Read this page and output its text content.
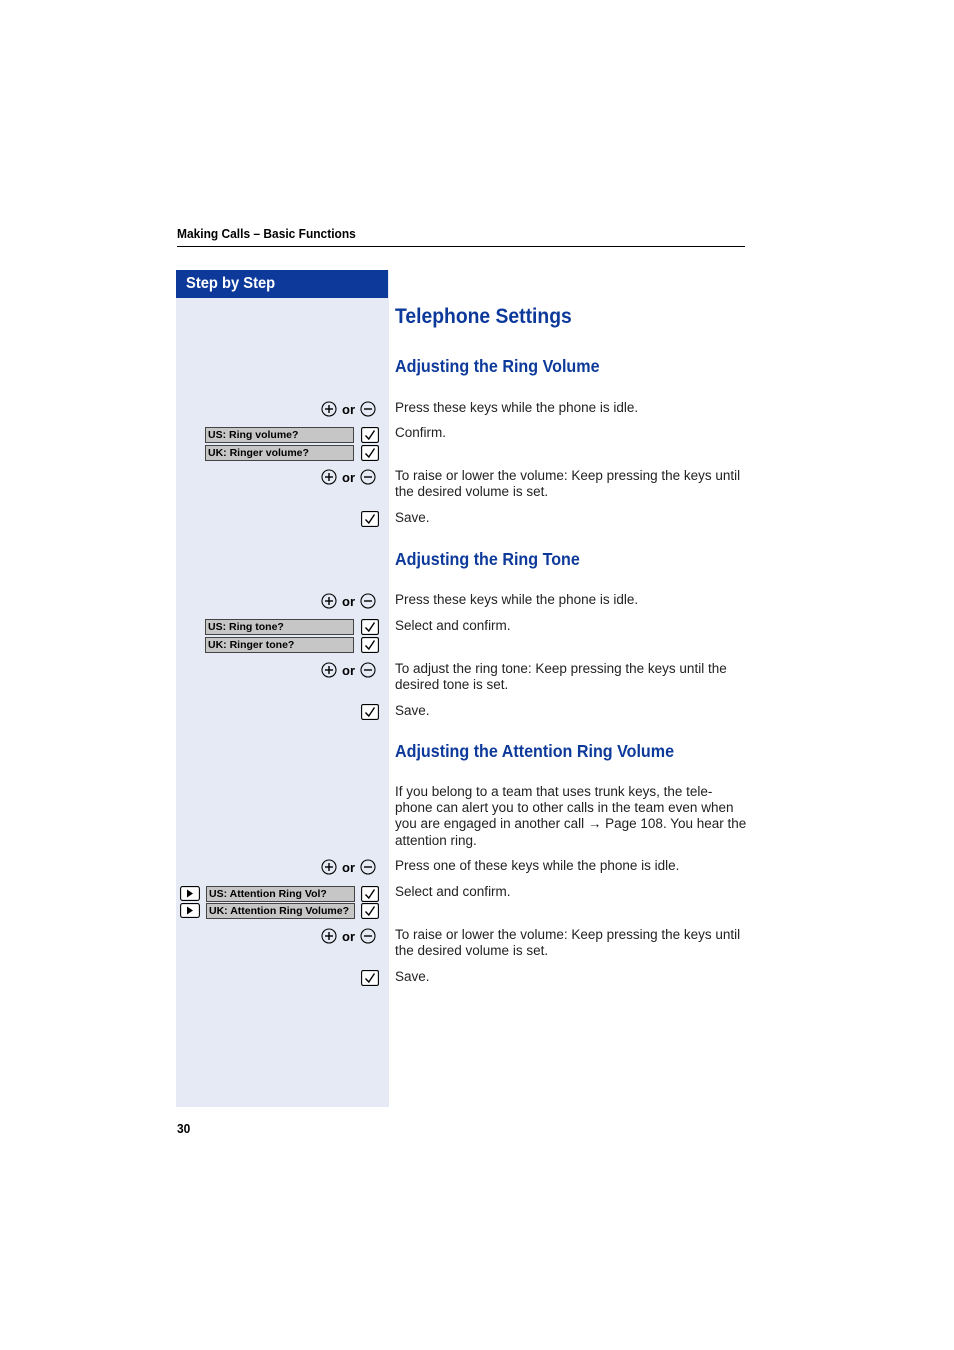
Making Calls – Basic Functions
Step by Step
Telephone Settings
Adjusting the Ring Volume
or	Press these keys while the phone is idle.
US: Ring volume?
UK: Ringer volume?
Confirm.
or	To raise or lower the volume: Keep pressing the keys until the desired volume is set.
Save.
Adjusting the Ring Tone
or	Press these keys while the phone is idle.
US: Ring tone?
UK: Ringer tone?
Select and confirm.
or	To adjust the ring tone: Keep pressing the keys until the desired tone is set.
Save.
Adjusting the Attention Ring Volume
If you belong to a team that uses trunk keys, the tele-phone can alert you to other calls in the team even when you are engaged in another call → Page 108. You hear the attention ring.
or	Press one of these keys while the phone is idle.
US: Attention Ring Vol?
UK: Attention Ring Volume?
Select and confirm.
or	To raise or lower the volume: Keep pressing the keys until the desired volume is set.
Save.
30
